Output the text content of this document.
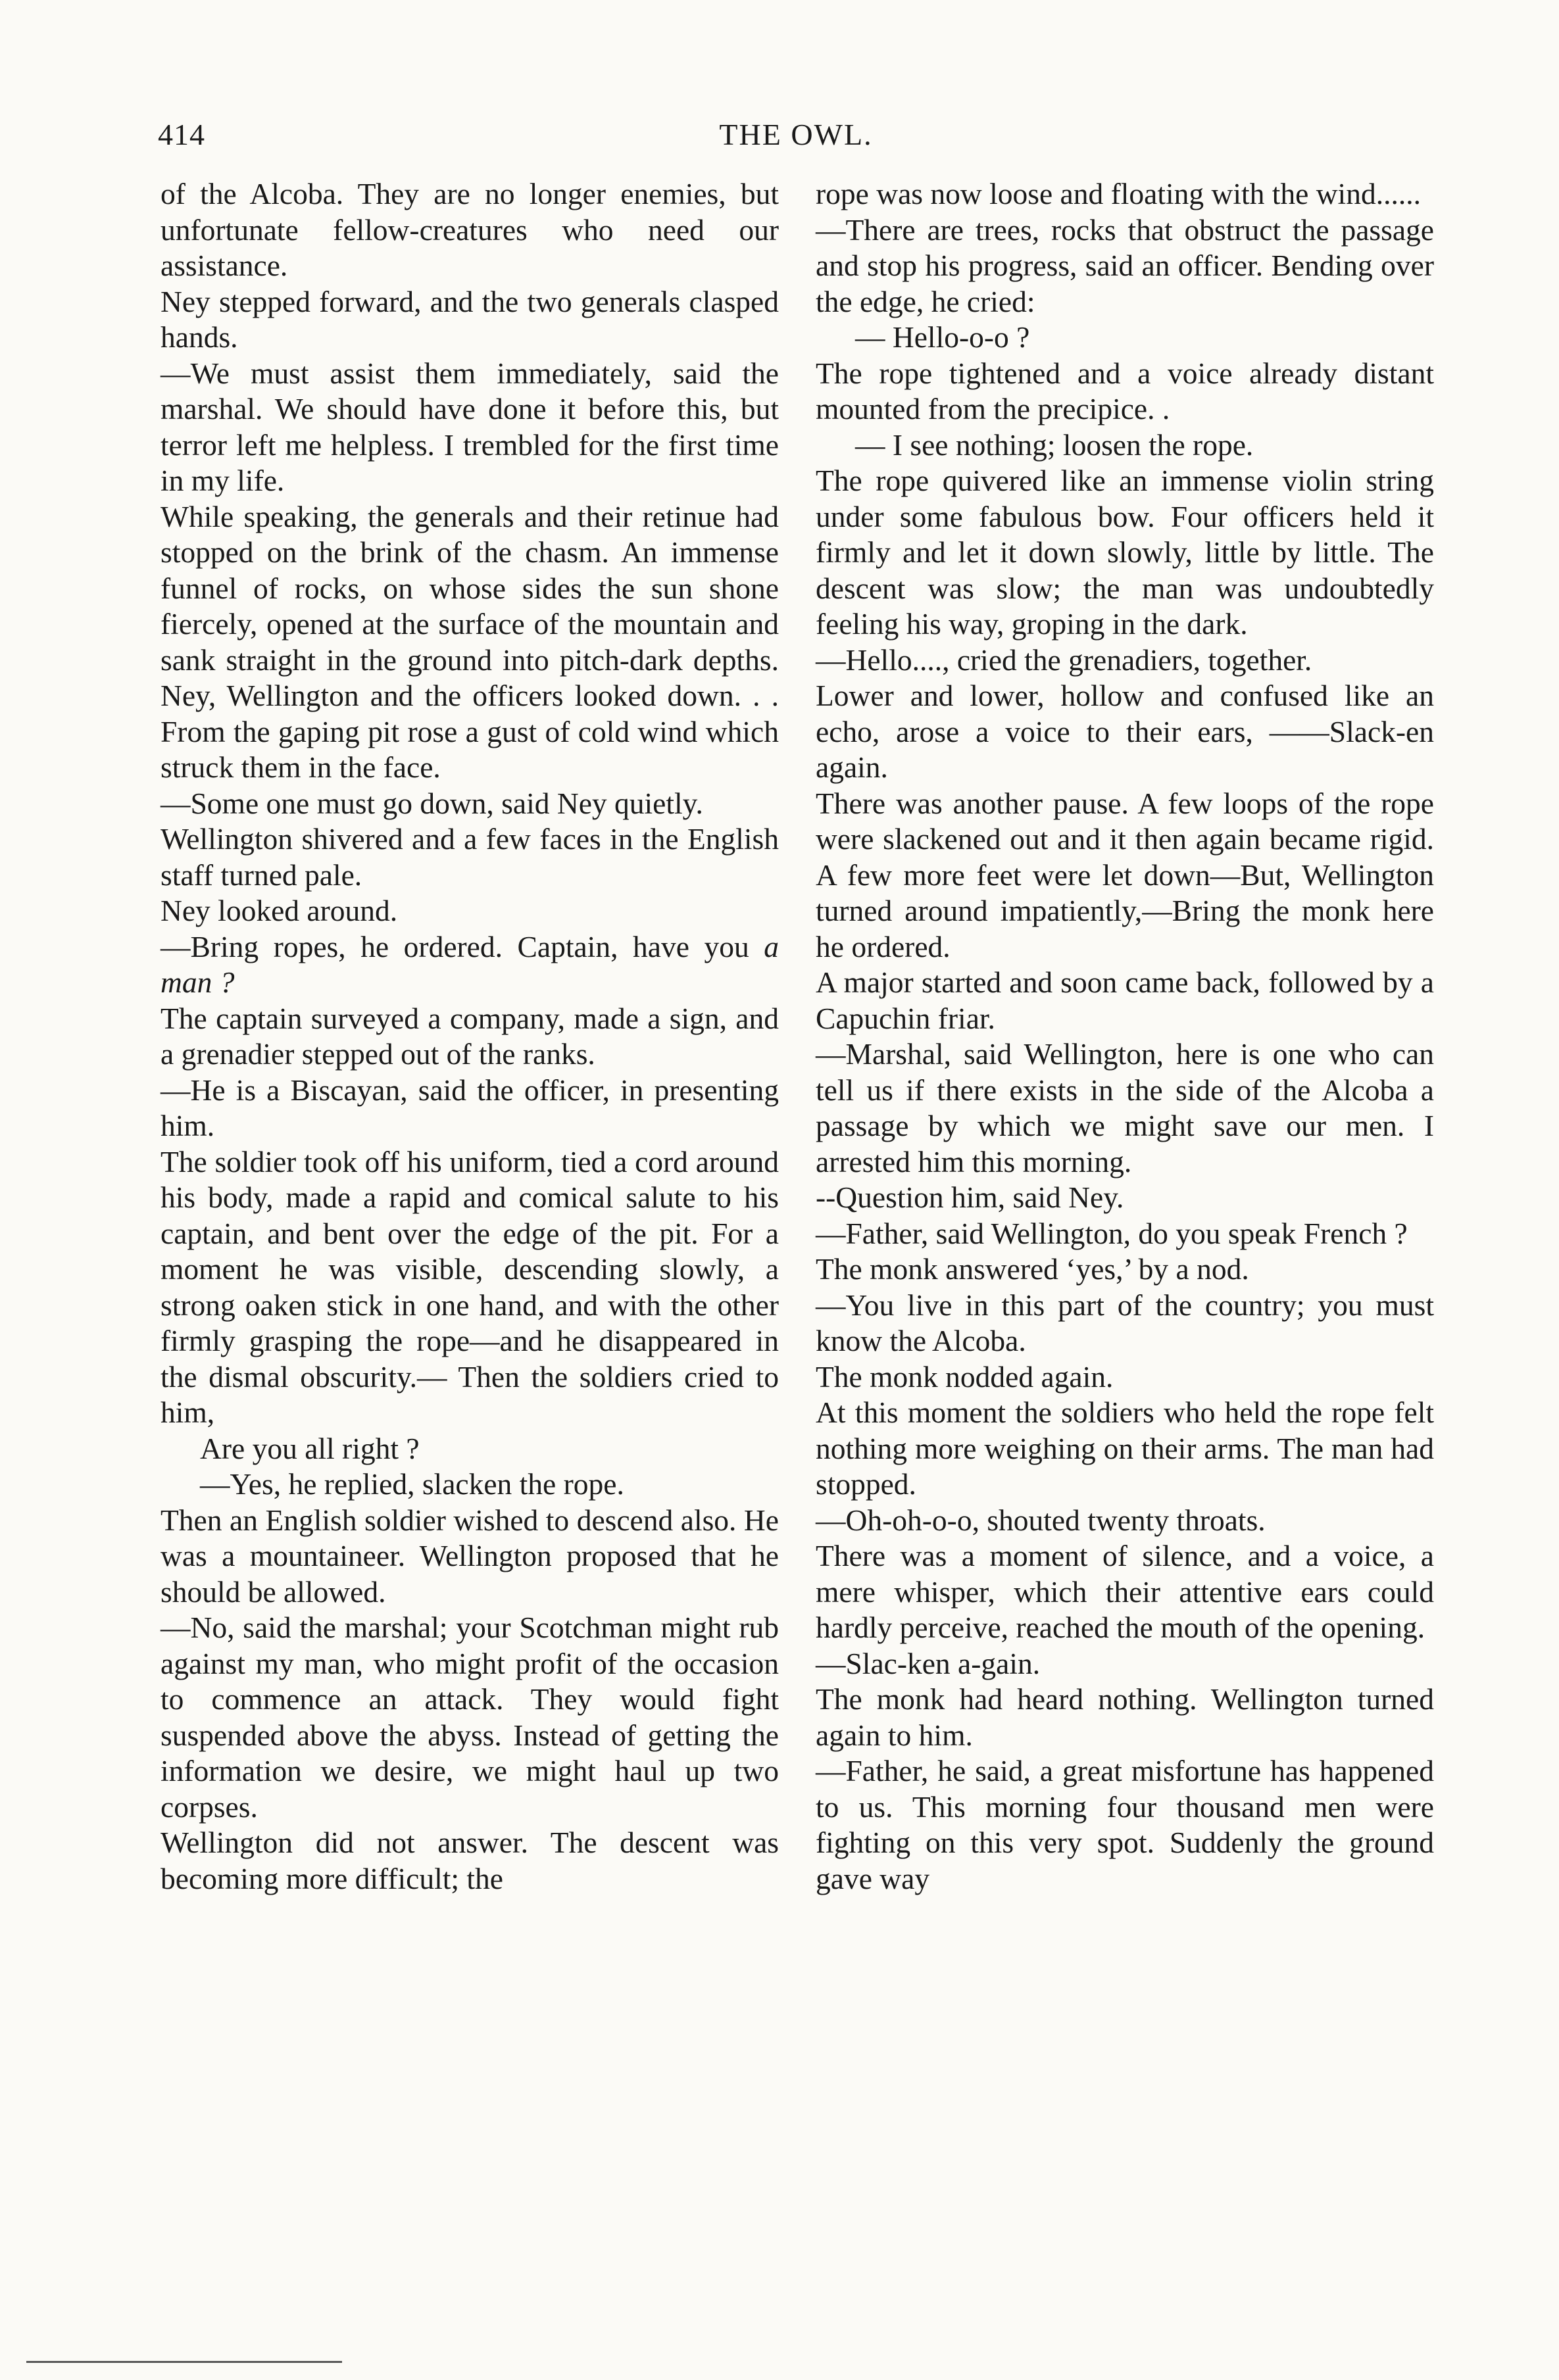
414	THE OWL.

of the Alcoba. They are no longer enemies, but unfortunate fellow-creatures who need our assistance.

Ney stepped forward, and the two generals clasped hands.

—We must assist them immediately, said the marshal. We should have done it before this, but terror left me helpless. I trembled for the first time in my life.

While speaking, the generals and their retinue had stopped on the brink of the chasm. An immense funnel of rocks, on whose sides the sun shone fiercely, opened at the surface of the mountain and sank straight in the ground into pitch-dark depths. Ney, Wellington and the officers looked down. . . From the gaping pit rose a gust of cold wind which struck them in the face.

—Some one must go down, said Ney quietly.

Wellington shivered and a few faces in the English staff turned pale.

Ney looked around.

—Bring ropes, he ordered. Captain, have you a man ?

The captain surveyed a company, made a sign, and a grenadier stepped out of the ranks.

—He is a Biscayan, said the officer, in presenting him.

The soldier took off his uniform, tied a cord around his body, made a rapid and comical salute to his captain, and bent over the edge of the pit. For a moment he was visible, descending slowly, a strong oaken stick in one hand, and with the other firmly grasping the rope—and he disappeared in the dismal obscurity.— Then the soldiers cried to him,

Are you all right ?

—Yes, he replied, slacken the rope.

Then an English soldier wished to descend also. He was a mountaineer. Wellington proposed that he should be allowed.

—No, said the marshal; your Scotchman might rub against my man, who might profit of the occasion to commence an attack. They would fight suspended above the abyss. Instead of getting the information we desire, we might haul up two corpses.

Wellington did not answer. The descent was becoming more difficult; the

rope was now loose and floating with the wind......

—There are trees, rocks that obstruct the passage and stop his progress, said an officer. Bending over the edge, he cried:

— Hello-o-o ?

The rope tightened and a voice already distant mounted from the precipice. .

— I see nothing; loosen the rope.

The rope quivered like an immense violin string under some fabulous bow. Four officers held it firmly and let it down slowly, little by little. The descent was slow; the man was undoubtedly feeling his way, groping in the dark.

—Hello...., cried the grenadiers, together.

Lower and lower, hollow and confused like an echo, arose a voice to their ears, ——Slack-en again.

There was another pause. A few loops of the rope were slackened out and it then again became rigid. A few more feet were let down—But, Wellington turned around impatiently,—Bring the monk here he ordered.

A major started and soon came back, followed by a Capuchin friar.

—Marshal, said Wellington, here is one who can tell us if there exists in the side of the Alcoba a passage by which we might save our men. I arrested him this morning.

--Question him, said Ney.

—Father, said Wellington, do you speak French ?

The monk answered ‘yes,’ by a nod.

—You live in this part of the country; you must know the Alcoba.

The monk nodded again.

At this moment the soldiers who held the rope felt nothing more weighing on their arms. The man had stopped.

—Oh-oh-o-o, shouted twenty throats.

There was a moment of silence, and a voice, a mere whisper, which their attentive ears could hardly perceive, reached the mouth of the opening.

—Slac-ken a-gain.

The monk had heard nothing. Wellington turned again to him.

—Father, he said, a great misfortune has happened to us. This morning four thousand men were fighting on this very spot. Suddenly the ground gave way
